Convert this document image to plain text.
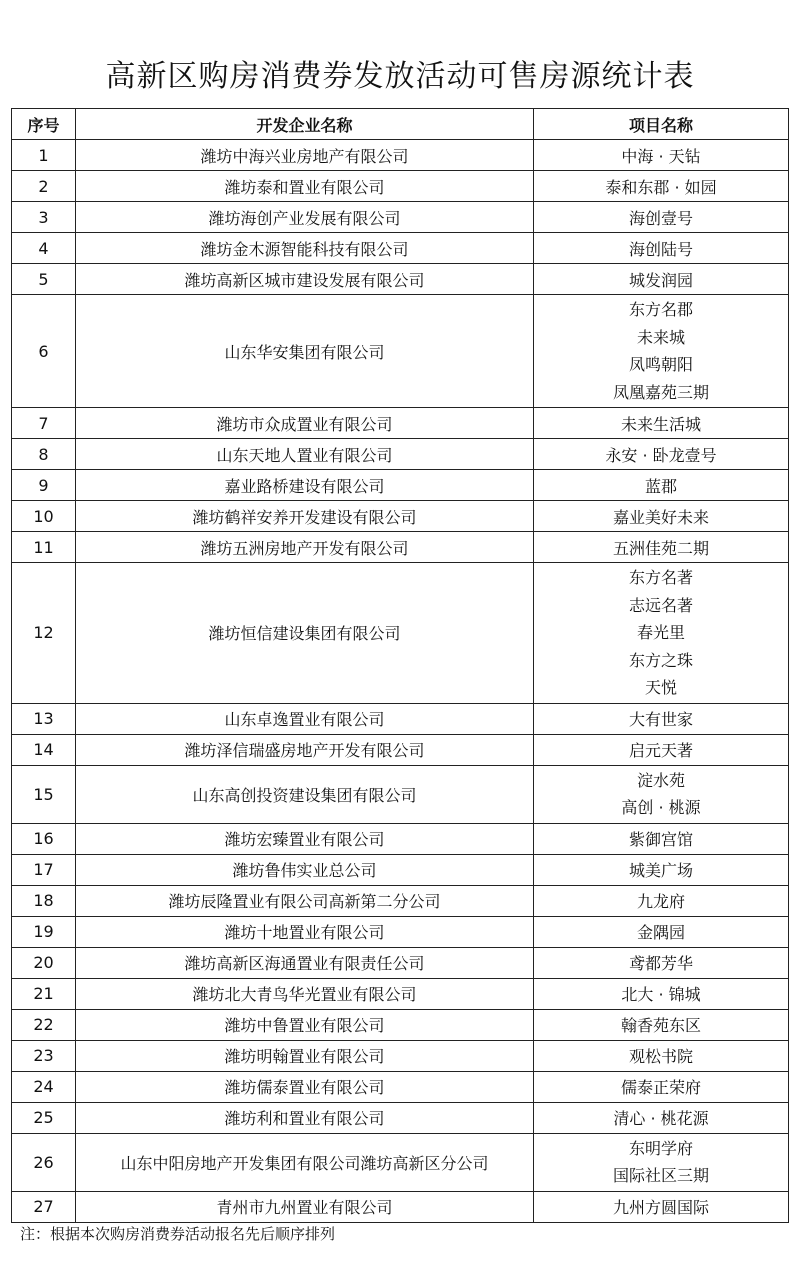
高新区购房消费券发放活动可售房源统计表
序号	开发企业名称	项目名称
1	潍坊中海兴业房地产有限公司	中海 · 天钻
2	潍坊泰和置业有限公司	泰和东郡 · 如园
3	潍坊海创产业发展有限公司	海创壹号
4	潍坊金木源智能科技有限公司	海创陆号
5	潍坊高新区城市建设发展有限公司	城发润园
6	山东华安集团有限公司	东方名郡
未来城
凤鸣朝阳
凤凰嘉苑三期

7	潍坊市众成置业有限公司	未来生活城
8	山东天地人置业有限公司	永安 · 卧龙壹号
9	嘉业路桥建设有限公司	蓝郡
10	潍坊鹤祥安养开发建设有限公司	嘉业美好未来
11	潍坊五洲房地产开发有限公司	五洲佳苑二期
12	潍坊恒信建设集团有限公司	东方名著
志远名著
春光里
东方之珠
天悦

13	山东卓逸置业有限公司	大有世家
14	潍坊泽信瑞盛房地产开发有限公司	启元天著
15	山东高创投资建设集团有限公司	淀水苑
高创 · 桃源

16	潍坊宏臻置业有限公司	紫御宫馆
17	潍坊鲁伟实业总公司	城美广场
18	潍坊辰隆置业有限公司高新第二分公司	九龙府
19	潍坊十地置业有限公司	金隅园
20	潍坊高新区海通置业有限责任公司	鸢都芳华
21	潍坊北大青鸟华光置业有限公司	北大 · 锦城
22	潍坊中鲁置业有限公司	翰香苑东区
23	潍坊明翰置业有限公司	观松书院
24	潍坊儒泰置业有限公司	儒泰正荣府
25	潍坊利和置业有限公司	清心 · 桃花源
26	山东中阳房地产开发集团有限公司潍坊高新区分公司	东明学府
国际社区三期

27	青州市九州置业有限公司	九州方圆国际
注：根据本次购房消费券活动报名先后顺序排列
